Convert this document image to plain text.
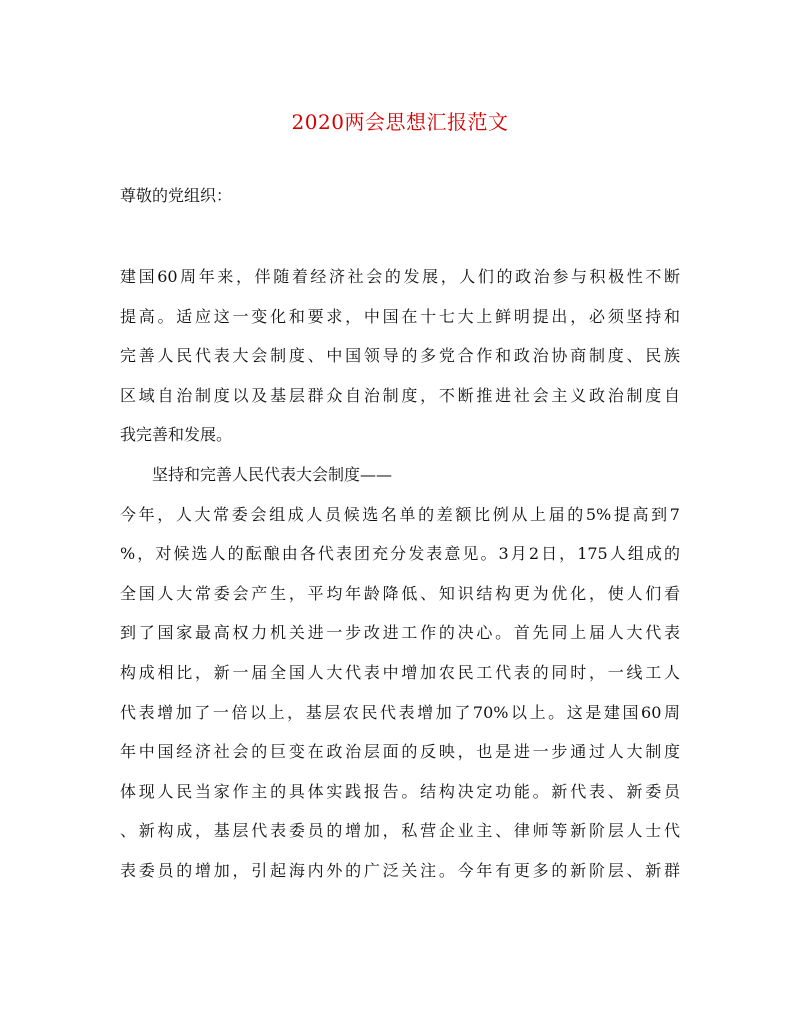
2020两会思想汇报范文
尊敬的党组织：
建国60周年来，伴随着经济社会的发展，人们的政治参与积极性不断
提高。适应这一变化和要求，中国在十七大上鲜明提出，必须坚持和
完善人民代表大会制度、中国领导的多党合作和政治协商制度、民族
区域自治制度以及基层群众自治制度，不断推进社会主义政治制度自
我完善和发展。
坚持和完善人民代表大会制度——
今年，人大常委会组成人员候选名单的差额比例从上届的5%提高到7
%，对候选人的酝酿由各代表团充分发表意见。3月2日，175人组成的
全国人大常委会产生，平均年龄降低、知识结构更为优化，使人们看
到了国家最高权力机关进一步改进工作的决心。首先同上届人大代表
构成相比，新一届全国人大代表中增加农民工代表的同时，一线工人
代表增加了一倍以上，基层农民代表增加了70%以上。这是建国60周
年中国经济社会的巨变在政治层面的反映，也是进一步通过人大制度
体现人民当家作主的具体实践报告。结构决定功能。新代表、新委员
、新构成，基层代表委员的增加，私营企业主、律师等新阶层人士代
表委员的增加，引起海内外的广泛关注。今年有更多的新阶层、新群
